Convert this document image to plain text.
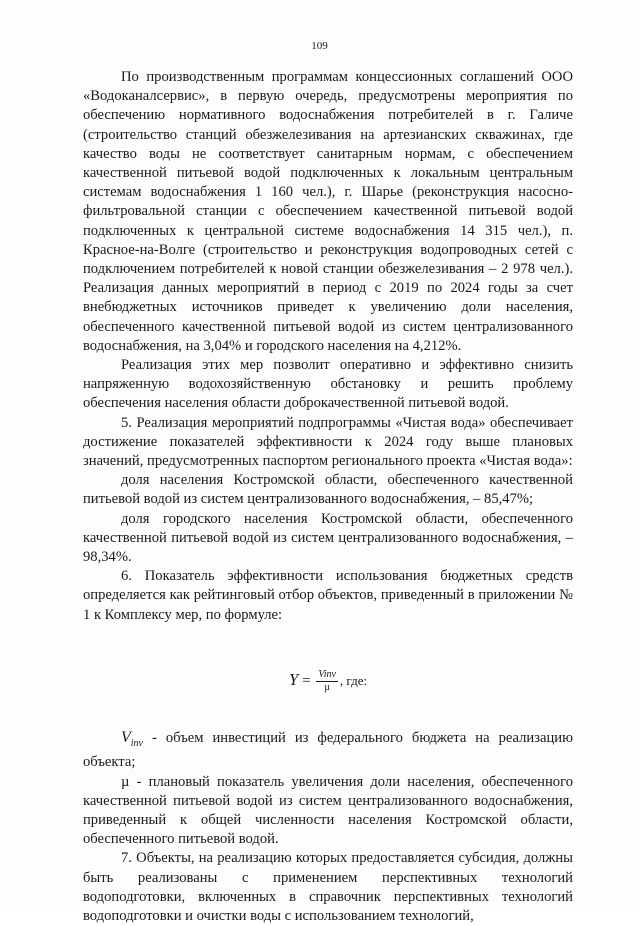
109

По производственным программам концессионных соглашений ООО «Водоканалсервис», в первую очередь, предусмотрены мероприятия по обеспечению нормативного водоснабжения потребителей в г. Галиче (строительство станций обезжелезивания на артезианских скважинах, где качество воды не соответствует санитарным нормам, с обеспечением качественной питьевой водой подключенных к локальным центральным системам водоснабжения 1 160 чел.), г. Шарье (реконструкция насосно-фильтровальной станции с обеспечением качественной питьевой водой подключенных к центральной системе водоснабжения 14 315 чел.), п. Красное-на-Волге (строительство и реконструкция водопроводных сетей с подключением потребителей к новой станции обезжелезивания – 2 978 чел.). Реализация данных мероприятий в период с 2019 по 2024 годы за счет внебюджетных источников приведет к увеличению доли населения, обеспеченного качественной питьевой водой из систем централизованного водоснабжения, на 3,04% и городского населения на 4,212%.

Реализация этих мер позволит оперативно и эффективно снизить напряженную водохозяйственную обстановку и решить проблему обеспечения населения области доброкачественной питьевой водой.

5. Реализация мероприятий подпрограммы «Чистая вода» обеспечивает достижение показателей эффективности к 2024 году выше плановых значений, предусмотренных паспортом регионального проекта «Чистая вода»:

доля населения Костромской области, обеспеченного качественной питьевой водой из систем централизованного водоснабжения, – 85,47%;

доля городского населения Костромской области, обеспеченного качественной питьевой водой из систем централизованного водоснабжения, – 98,34%.

6. Показатель эффективности использования бюджетных средств определяется как рейтинговый отбор объектов, приведенный в приложении № 1 к Комплексу мер, по формуле:

$Y = \frac{\text{Vinv}}{\text{µ}}$ , где:

$V_{inv}$ - объем инвестиций из федерального бюджета на реализацию объекта;

µ - плановый показатель увеличения доли населения, обеспеченного качественной питьевой водой из систем централизованного водоснабжения, приведенный к общей численности населения Костромской области, обеспеченного питьевой водой.

7. Объекты, на реализацию которых предоставляется субсидия, должны быть реализованы с применением перспективных технологий водоподготовки, включенных в справочник перспективных технологий водоподготовки и очистки воды с использованием технологий,
